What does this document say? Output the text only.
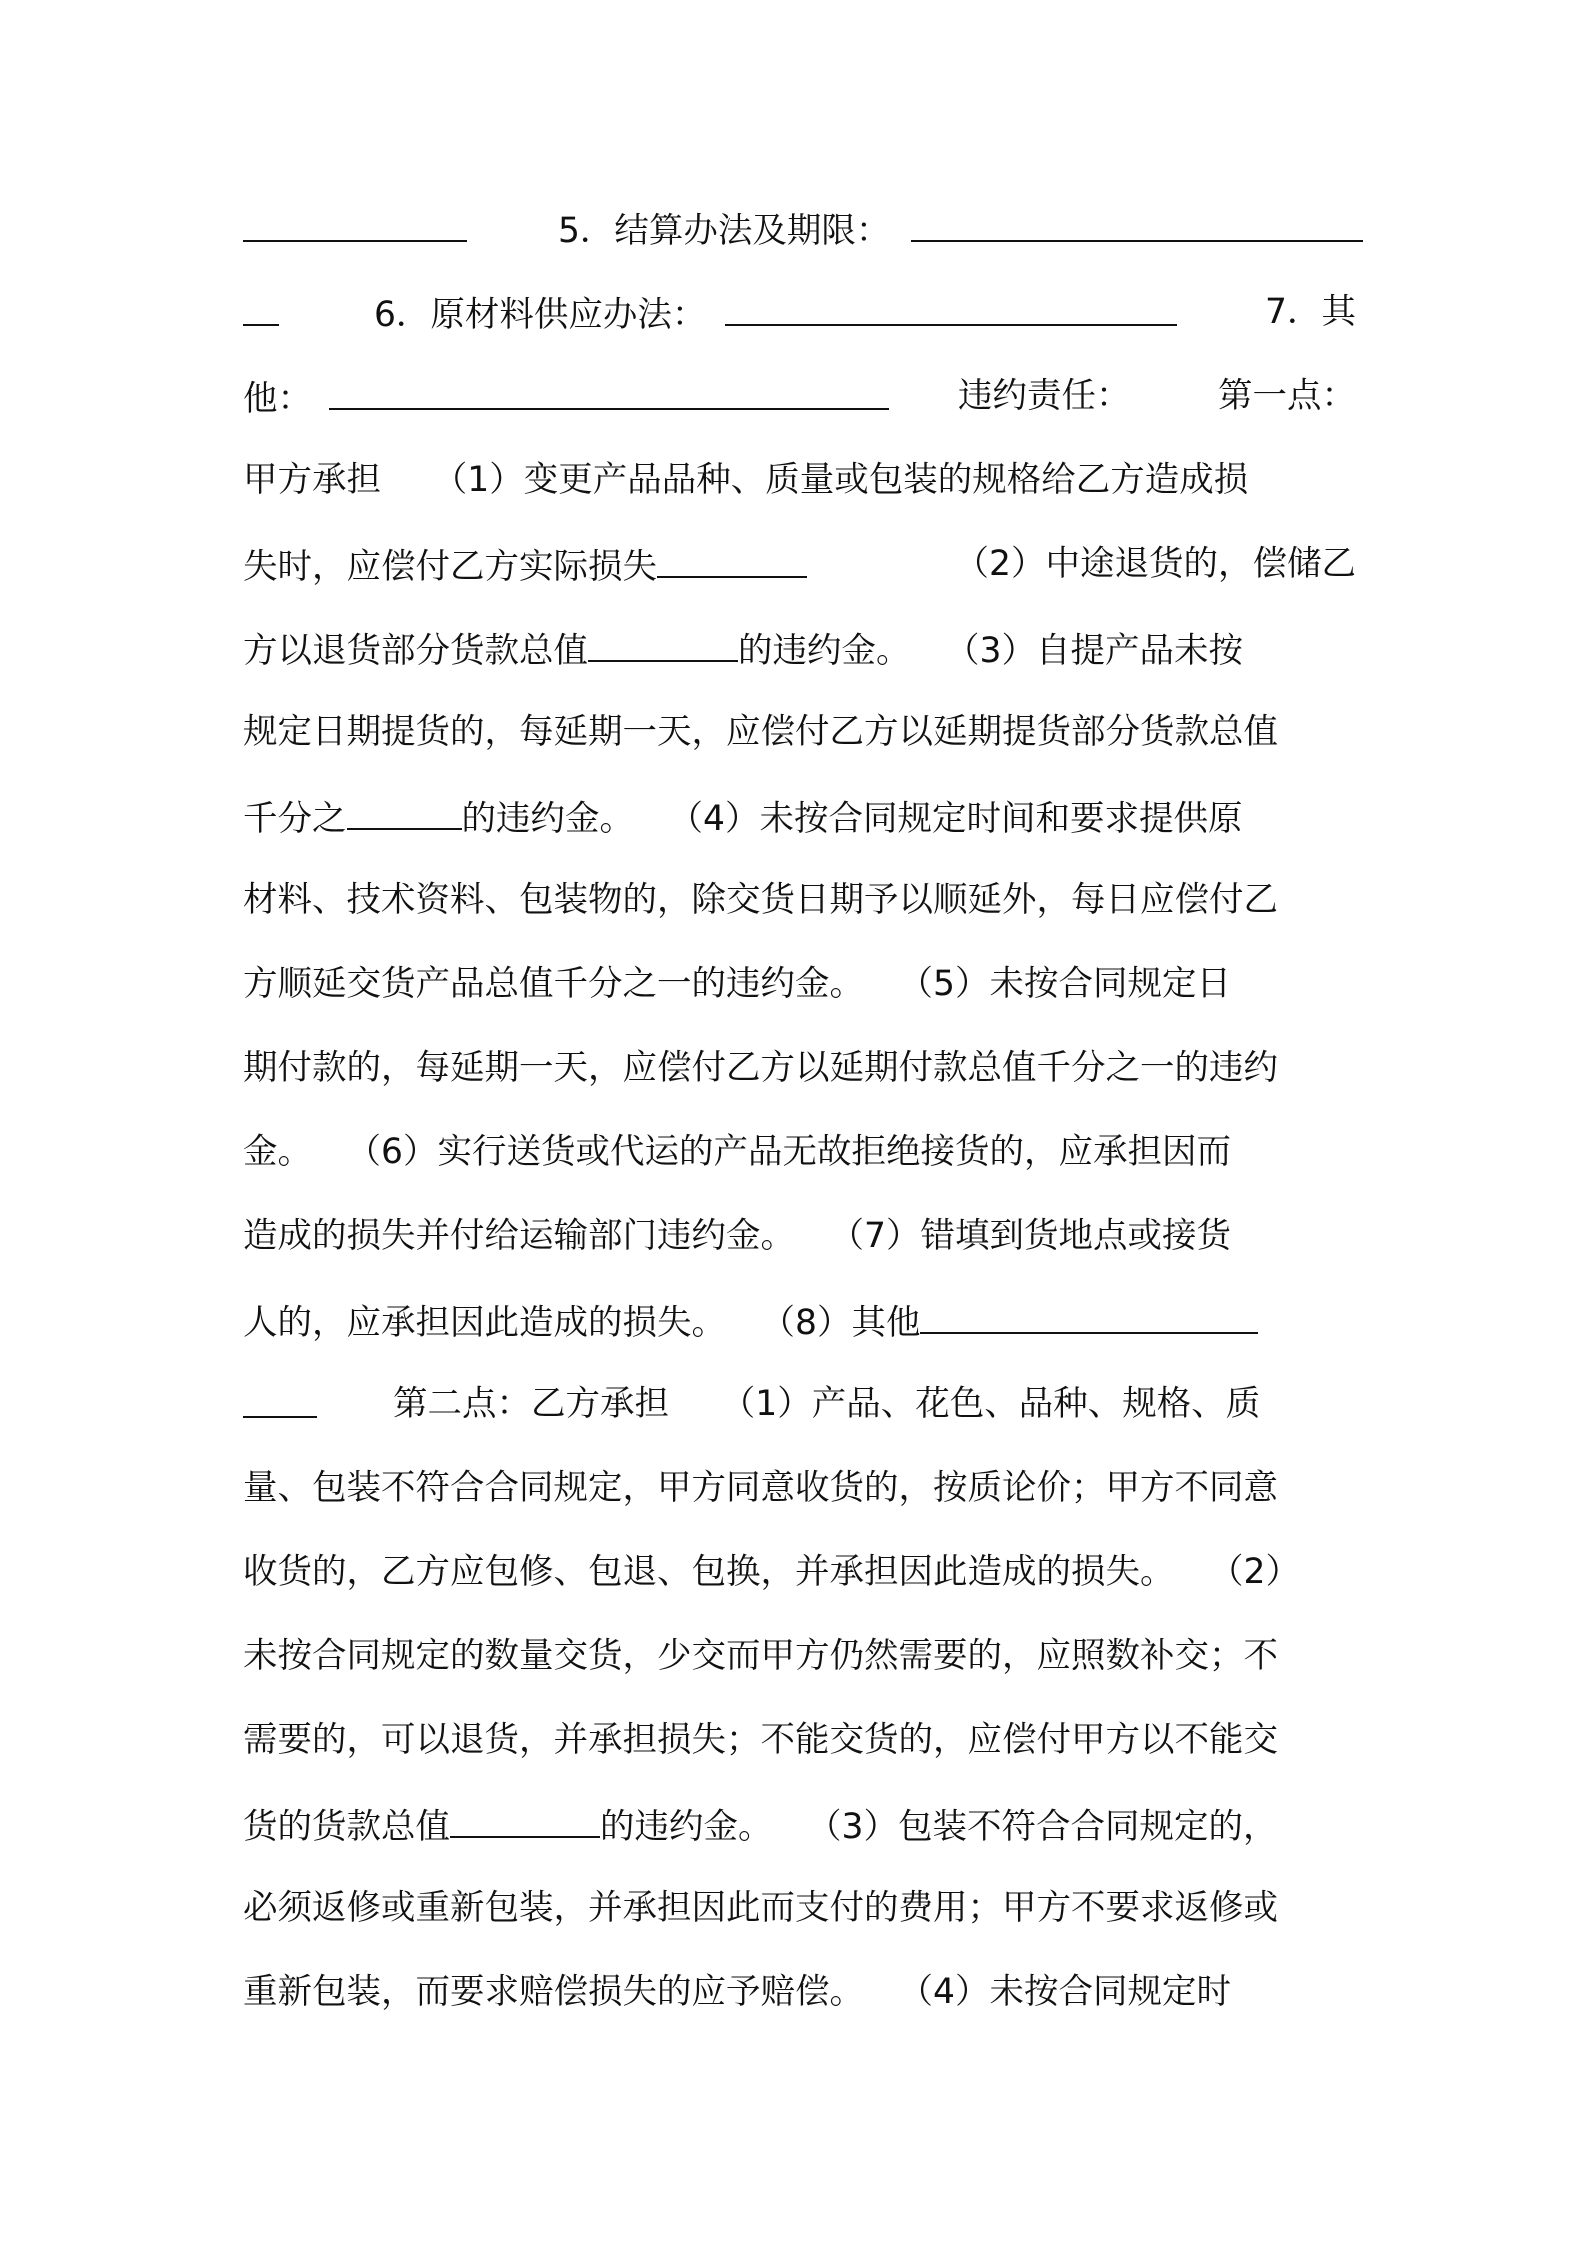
5．结算办法及期限：
6．原材料供应办法：	7．其
他：	违约责任：	第一点：
甲方承担　　（1）变更产品品种、质量或包装的规格给乙方造成损
失时，应偿付乙方实际损失	（2）中途退货的，偿储乙
方以退货部分货款总值	的违约金。　　（3）自提产品未按
规定日期提货的，每延期一天，应偿付乙方以延期提货部分货款总值
千分之	的违约金。　　（4）未按合同规定时间和要求提供原
材料、技术资料、包装物的，除交货日期予以顺延外，每日应偿付乙
方顺延交货产品总值千分之一的违约金。　　（5）未按合同规定日
期付款的，每延期一天，应偿付乙方以延期付款总值千分之一的违约
金。　　（6）实行送货或代运的产品无故拒绝接货的，应承担因而
造成的损失并付给运输部门违约金。　　（7）错填到货地点或接货
人的，应承担因此造成的损失。　　（8）其他
第二点：乙方承担　　（1）产品、花色、品种、规格、质
量、包装不符合合同规定，甲方同意收货的，按质论价；甲方不同意
收货的，乙方应包修、包退、包换，并承担因此造成的损失。　　（2）
未按合同规定的数量交货，少交而甲方仍然需要的，应照数补交；不
需要的，可以退货，并承担损失；不能交货的，应偿付甲方以不能交
货的货款总值	的违约金。　　（3）包装不符合合同规定的，
必须返修或重新包装，并承担因此而支付的费用；甲方不要求返修或
重新包装，而要求赔偿损失的应予赔偿。　　（4）未按合同规定时
